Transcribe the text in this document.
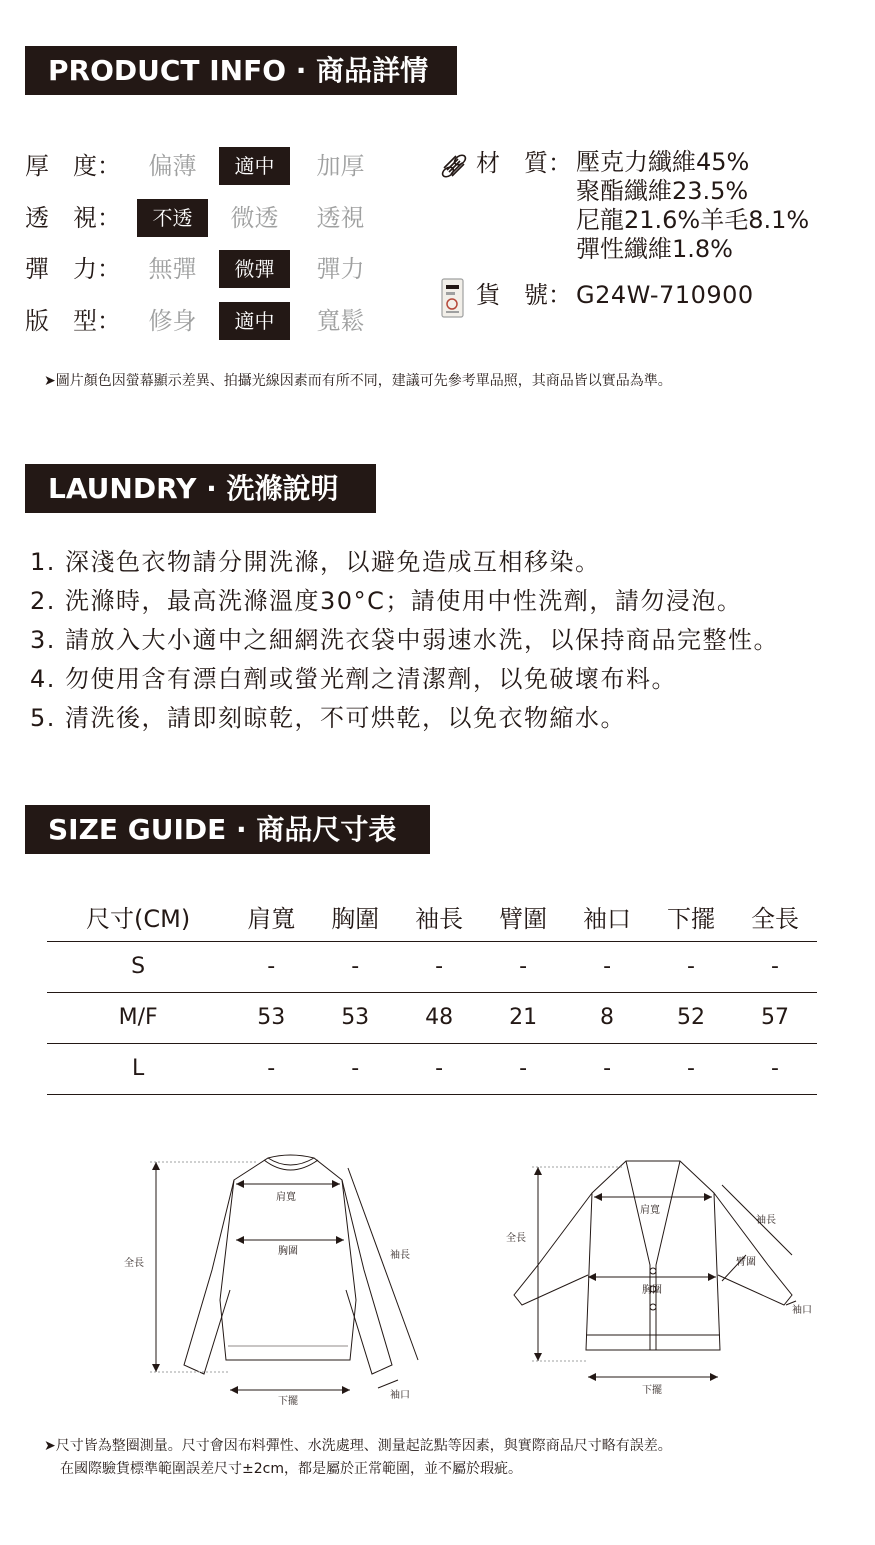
PRODUCT INFO · 商品詳情
厚　度：	偏薄	適中	加厚
透　視：	不透	微透	透視
彈　力：	無彈	微彈	彈力
版　型：	修身	適中	寬鬆
材　質： 壓克力纖維45%
聚酯纖維23.5%
尼龍21.6%羊毛8.1%
彈性纖維1.8%
貨　號： G24W-710900
➤圖片顏色因螢幕顯示差異、拍攝光線因素而有所不同，建議可先參考單品照，其商品皆以實品為準。
LAUNDRY · 洗滌說明
1. 深淺色衣物請分開洗滌，以避免造成互相移染。
2. 洗滌時，最高洗滌溫度30°C；請使用中性洗劑，請勿浸泡。
3. 請放入大小適中之細網洗衣袋中弱速水洗，以保持商品完整性。
4. 勿使用含有漂白劑或螢光劑之清潔劑，以免破壞布料。
5. 清洗後，請即刻晾乾，不可烘乾，以免衣物縮水。
SIZE GUIDE · 商品尺寸表
尺寸(CM)	肩寬	胸圍	袖長	臂圍	袖口	下擺	全長
S	-	-	-	-	-	-	-
M/F	53	53	48	21	8	52	57
L	-	-	-	-	-	-	-
全長
肩寬
胸圍	袖長
下擺
袖口
全長
肩寬
胸圍
袖長
臂圍
袖口
下擺
➤尺寸皆為整圈測量。尺寸會因布料彈性、水洗處理、測量起訖點等因素，與實際商品尺寸略有誤差。
在國際驗貨標準範圍誤差尺寸±2cm，都是屬於正常範圍，並不屬於瑕疵。
